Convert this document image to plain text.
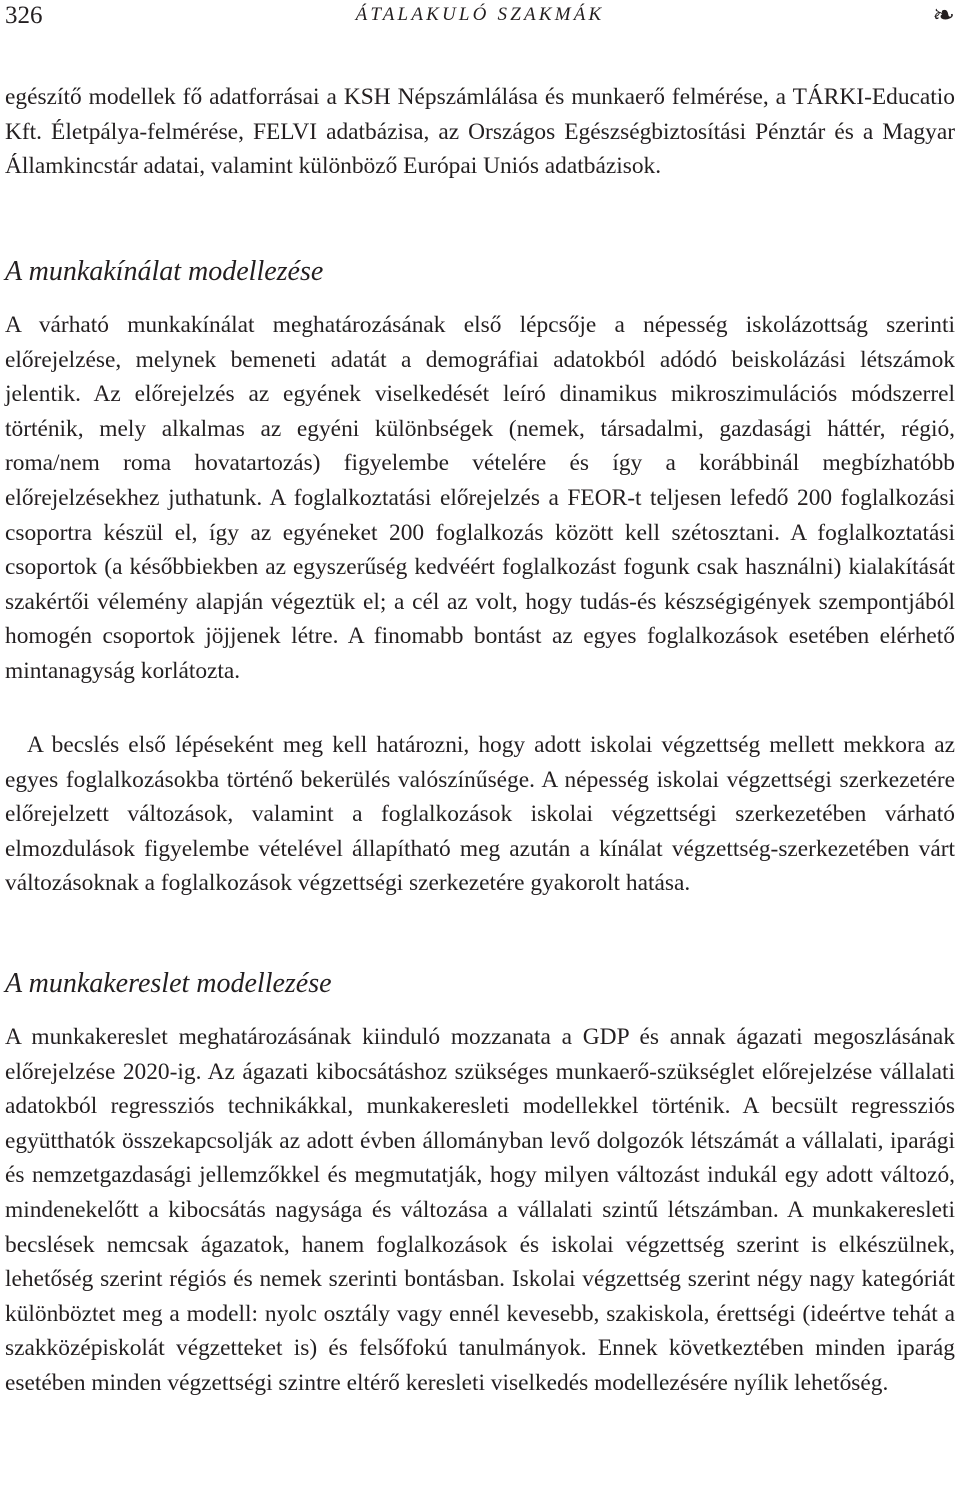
326	ÁTALAKULÓ SZAKMÁK	❧

egészítő modellek fő adatforrásai a KSH Népszámlálása és munkaerő felmérése, a TÁRKI-Educatio Kft. Életpálya-felmérése, FELVI adatbázisa, az Országos Egészségbiztosítási Pénztár és a Magyar Államkincstár adatai, valamint különböző Európai Uniós adatbázisok.

A munkakínálat modellezése

A várható munkakínálat meghatározásának első lépcsője a népesség iskolázottság szerinti előrejelzése, melynek bemeneti adatát a demográfiai adatokból adódó beiskolázási létszámok jelentik. Az előrejelzés az egyének viselkedését leíró dinamikus mikroszimulációs módszerrel történik, mely alkalmas az egyéni különbségek (nemek, társadalmi, gazdasági háttér, régió, roma/nem roma hovatartozás) figyelembe vételére és így a korábbinál megbízhatóbb előrejelzésekhez juthatunk. A foglalkoztatási előrejelzés a FEOR-t teljesen lefedő 200 foglalkozási csoportra készül el, így az egyéneket 200 foglalkozás között kell szétosztani. A foglalkoztatási csoportok (a későbbiekben az egyszerűség kedvéért foglalkozást fogunk csak használni) kialakítását szakértői vélemény alapján végeztük el; a cél az volt, hogy tudás-és készségigények szempontjából homogén csoportok jöjjenek létre. A finomabb bontást az egyes foglalkozások esetében elérhető mintanagyság korlátozta.

A becslés első lépéseként meg kell határozni, hogy adott iskolai végzettség mellett mekkora az egyes foglalkozásokba történő bekerülés valószínűsége. A népesség iskolai végzettségi szerkezetére előrejelzett változások, valamint a foglalkozások iskolai végzettségi szerkezetében várható elmozdulások figyelembe vételével állapítható meg azután a kínálat végzettség-szerkezetében várt változásoknak a foglalkozások végzettségi szerkezetére gyakorolt hatása.

A munkakereslet modellezése

A munkakereslet meghatározásának kiinduló mozzanata a GDP és annak ágazati megoszlásának előrejelzése 2020-ig. Az ágazati kibocsátáshoz szükséges munkaerő-szükséglet előrejelzése vállalati adatokból regressziós technikákkal, munkakeresleti modellekkel történik. A becsült regressziós együtthatók összekapcsolják az adott évben állományban levő dolgozók létszámát a vállalati, iparági és nemzetgazdasági jellemzőkkel és megmutatják, hogy milyen változást indukál egy adott változó, mindenekelőtt a kibocsátás nagysága és változása a vállalati szintű létszámban. A munkakeresleti becslések nemcsak ágazatok, hanem foglalkozások és iskolai végzettség szerint is elkészülnek, lehetőség szerint régiós és nemek szerinti bontásban. Iskolai végzettség szerint négy nagy kategóriát különböztet meg a modell: nyolc osztály vagy ennél kevesebb, szakiskola, érettségi (ideértve tehát a szakközépiskolát végzetteket is) és felsőfokú tanulmányok. Ennek következtében minden iparág esetében minden végzettségi szintre eltérő keresleti viselkedés modellezésére nyílik lehetőség.
